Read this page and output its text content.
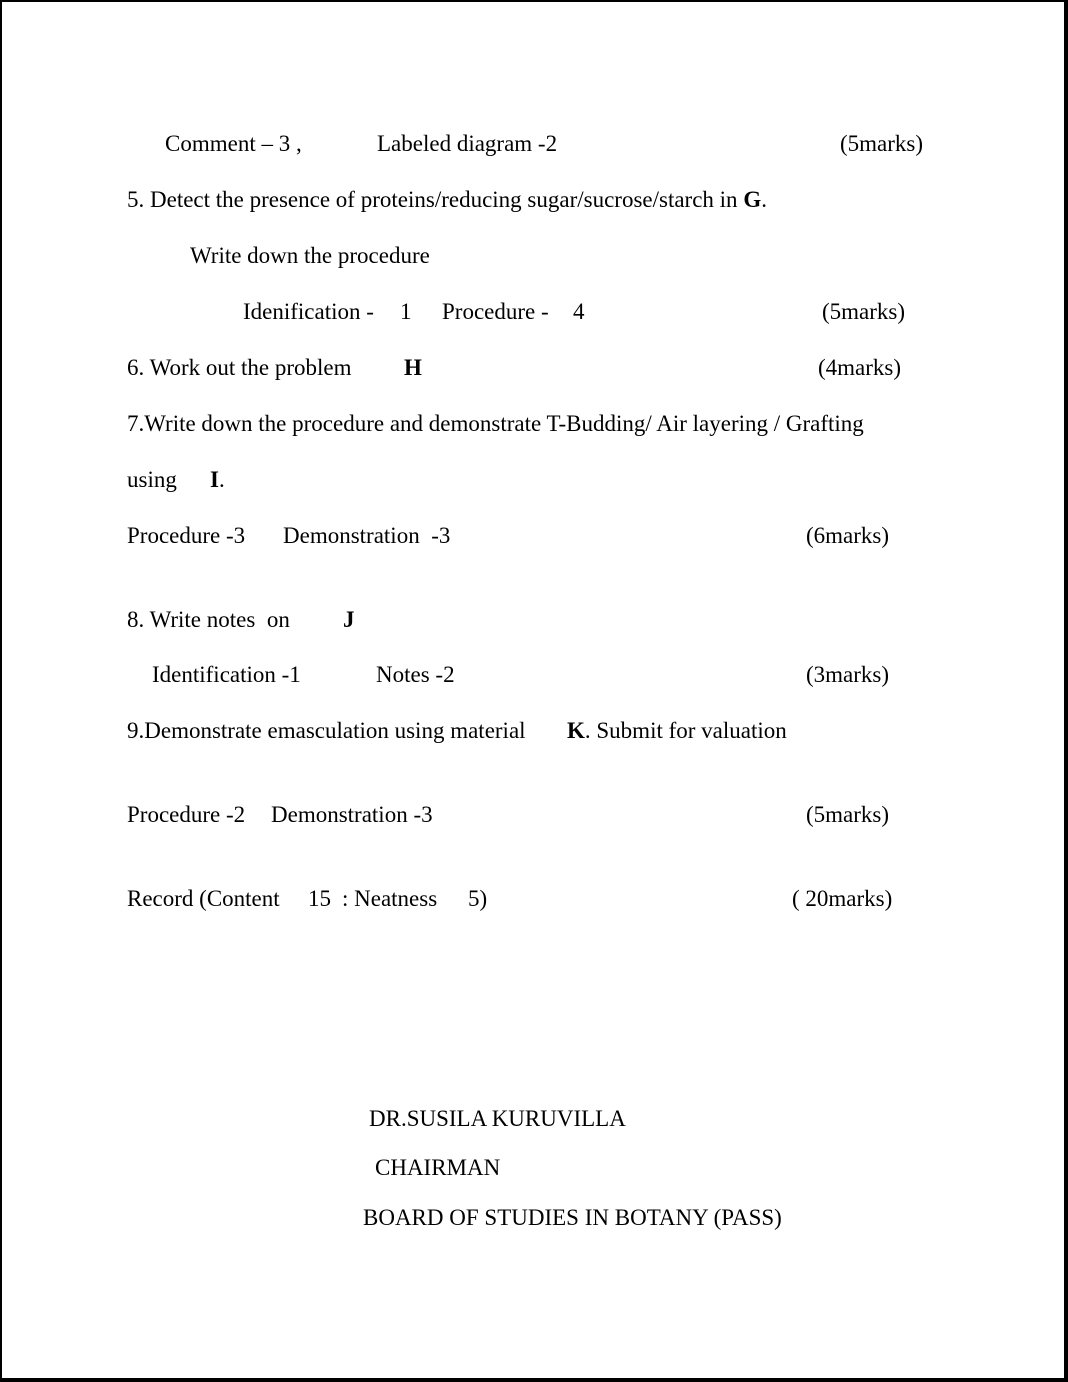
Comment – 3 ,	Labeled diagram -2	(5marks)
5. Detect the presence of proteins/reducing sugar/sucrose/starch in G.
Write down the procedure
Idenification - 1 Procedure - 4	(5marks)
6. Work out the problem H	(4marks)
7.Write down the procedure and demonstrate T-Budding/ Air layering / Grafting
using I.
Procedure -3 Demonstration  -3	(6marks)
8. Write notes  on J
Identification -1	Notes -2	(3marks)
9.Demonstrate emasculation using material K. Submit for valuation
Procedure -2 Demonstration -3	(5marks)
Record (Content 15 : Neatness 5)	( 20marks)
DR.SUSILA KURUVILLA
CHAIRMAN
BOARD OF STUDIES IN BOTANY (PASS)
